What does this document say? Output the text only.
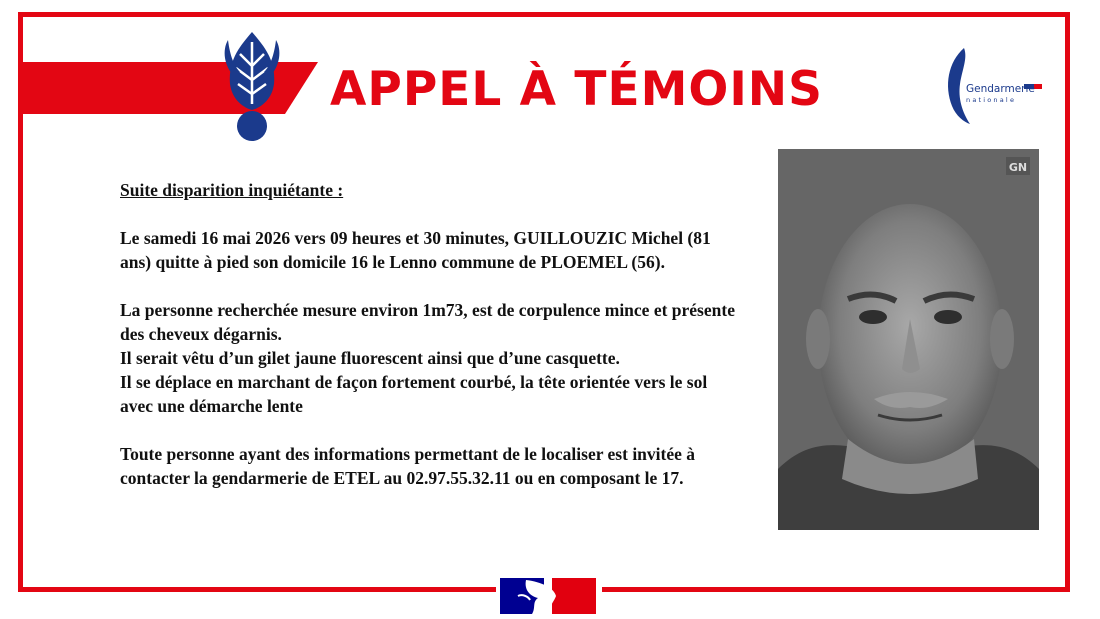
APPEL À TÉMOINS	Gendarmerie
nationale

Suite disparition inquiétante :

Le samedi 16 mai 2026 vers 09 heures et 30 minutes, GUILLOUZIC Michel (81 ans) quitte à pied son domicile 16 le Lenno commune de PLOEMEL (56).

La personne recherchée mesure environ 1m73, est de corpulence mince et présente des cheveux dégarnis.

Il serait vêtu d’un gilet jaune fluorescent ainsi que d’une casquette.

Il se déplace en marchant de façon fortement courbé, la tête orientée vers le sol avec une démarche lente

Toute personne ayant des informations permettant de le localiser est invitée à contacter la gendarmerie de ETEL au 02.97.55.32.11 ou en composant le 17.

GN
